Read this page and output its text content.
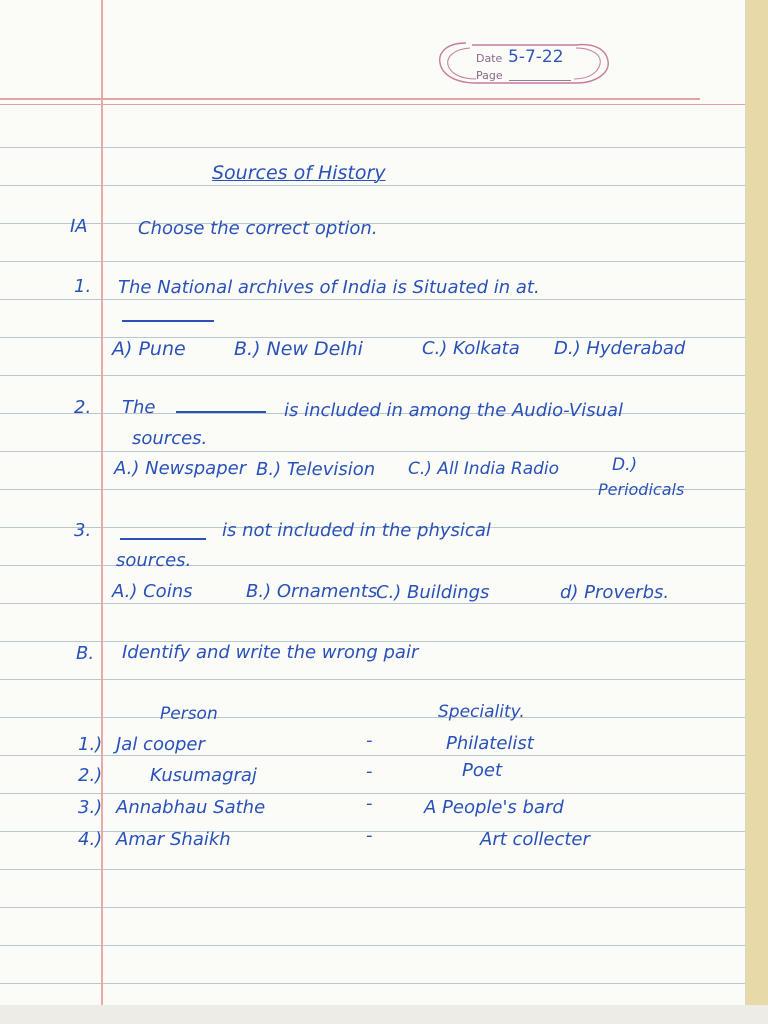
Date 5-7-22
Page
Sources of History
IA	Choose the correct option.
1. The National archives of India is Situated in at.
A) Pune	B.) New Delhi	C.) Kolkata D.) Hyderabad
2. The	is included in among the Audio-Visual
sources.
A.) Newspaper B.) Television C.) All India Radio	D.)
Periodicals
3.	is not included in the physical
sources.
A.) Coins	B.) Ornaments
C.) Buildings	d) Proverbs.
B. Identify and write the wrong pair
Person	Speciality.
1.) Jal cooper	-	Philatelist
2.)	Kusumagraj	-	Poet
3.) Annabhau Sathe	-	A People's bard
4.) Amar Shaikh	-	Art collecter
